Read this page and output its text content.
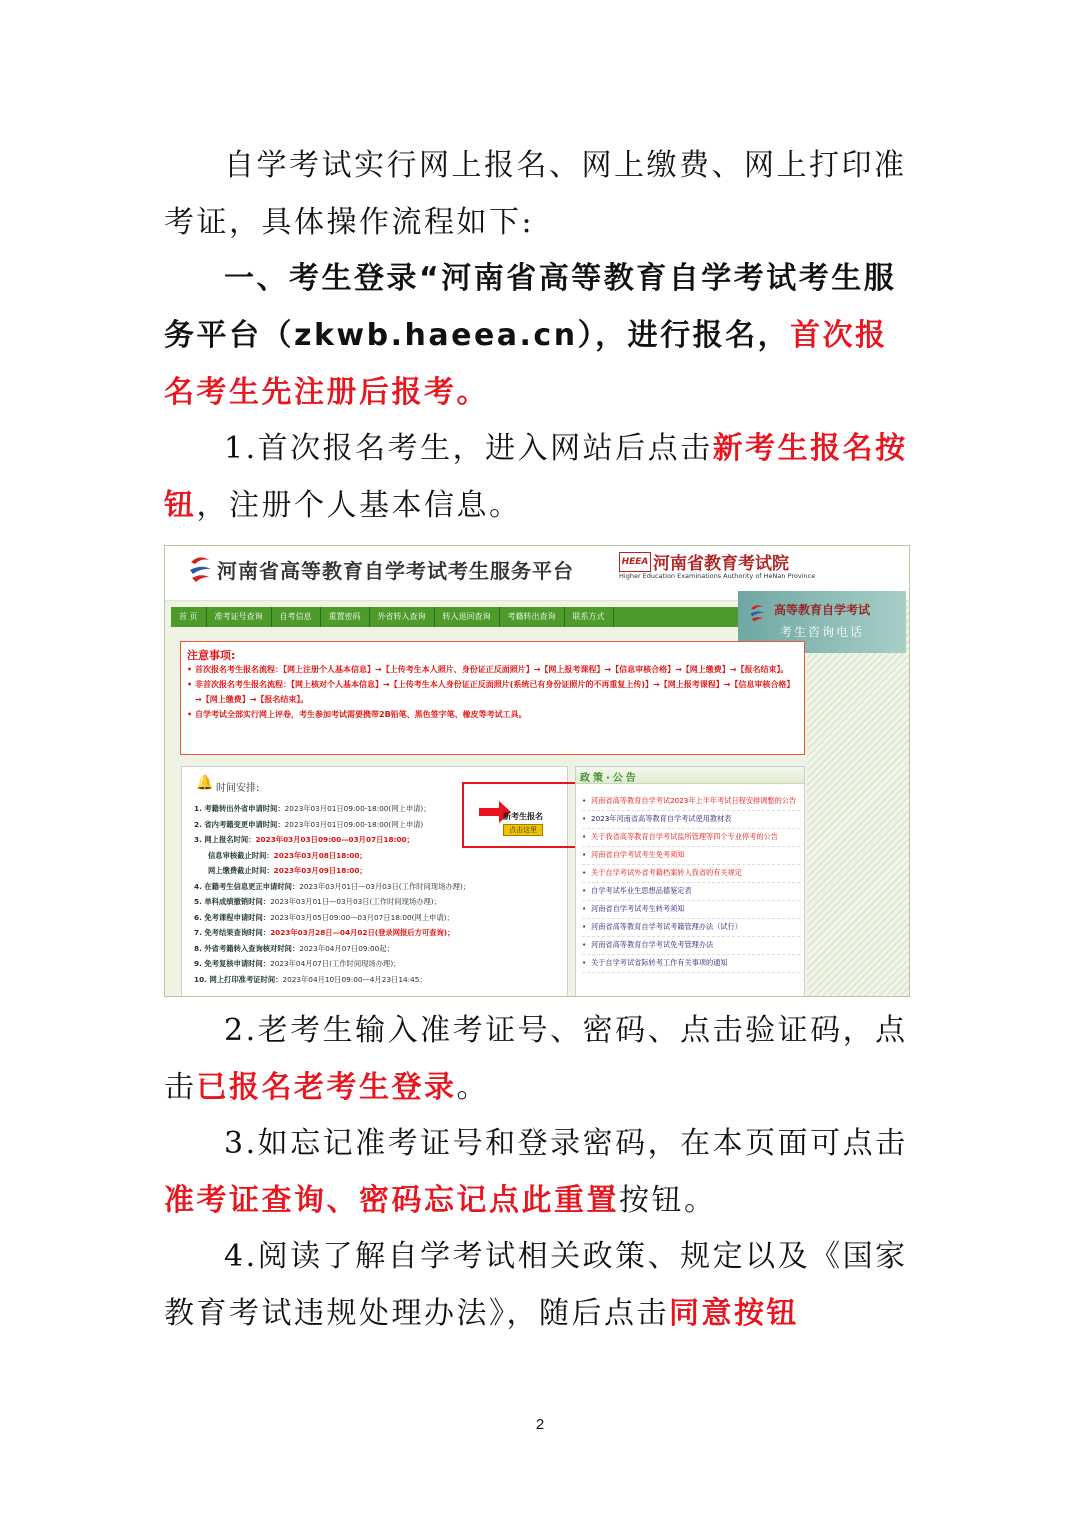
自学考试实行网上报名、网上缴费、网上打印准考证，具体操作流程如下:

一、考生登录“河南省高等教育自学考试考生服务平台（zkwb.haeea.cn），进行报名，首次报名考生先注册后报考。

1.首次报名考生，进入网站后点击新考生报名按钮，注册个人基本信息。

河南省高等教育自学考试考生服务平台	HEEA 河南省教育考试院
Higher Education Examinations Authority of HeNan Province
首 页	准考证号查询	自考信息	重置密码	外省转入查询	转入退回查询	考籍转出查询	联系方式	高等教育自学考试
考生咨询电话
注意事项:
• 首次报名考生报名流程：【网上注册个人基本信息】→【上传考生本人照片、身份证正反面照片】→【网上报考课程】→【信息审核合格】→【网上缴费】→【报名结束】。
• 非首次报名考生报名流程：【网上核对个人基本信息】→【上传考生本人身份证正反面照片(系统已有身份证照片的不再重复上传)】→【网上报考课程】→【信息审核合格】→【网上缴费】→【报名结束】。
• 自学考试全部实行网上评卷，考生参加考试需要携带2B铅笔、黑色签字笔、橡皮等考试工具。
🔔 时间安排:
1. 考籍转出外省申请时间：2023年03月01日09:00-18:00(网上申请)；
2. 省内考籍变更申请时间：2023年03月01日09:00-18:00(网上申请)
3. 网上报名时间：2023年03月03日09:00—03月07日18:00；
信息审核截止时间：2023年03月08日18:00；
网上缴费截止时间：2023年03月09日18:00；
4. 在籍考生信息更正申请时间：2023年03月01日—03月03日(工作时间现场办理)；
5. 单科成绩撤销时间：2023年03月01日—03月03日(工作时间现场办理)；
6. 免考课程申请时间：2023年03月05日09:00—03月07日18:00(网上申请)；
7. 免考结果查询时间：2023年03月28日—04月02日(登录网报后方可查询)；
8. 外省考籍转入查询核对时间：2023年04月07日09:00起；
9. 免考复核申请时间：2023年04月07日(工作时间现场办理)；
10. 网上打印准考证时间：2023年04月10日09:00—4月23日14:45；
新考生报名
点击这里
政策·公告
• 河南省高等教育自学考试2023年上半年考试日程安排调整的公告
• 2023年河南省高等教育自学考试使用教材表
• 关于我省高等教育自学考试监所管理等四个专业停考的公告
• 河南省自学考试考生免考须知
• 关于自学考试外省考籍档案转入我省的有关规定
• 自学考试毕业生思想品德鉴定表
• 河南省自学考试考生转考须知
• 河南省高等教育自学考试考籍管理办法（试行）
• 河南省高等教育自学考试免考管理办法
• 关于自学考试省际转考工作有关事项的通知

2.老考生输入准考证号、密码、点击验证码，点击已报名老考生登录。

3.如忘记准考证号和登录密码，在本页面可点击准考证查询、密码忘记点此重置按钮。

4.阅读了解自学考试相关政策、规定以及《国家教育考试违规处理办法》，随后点击同意按钮

2
